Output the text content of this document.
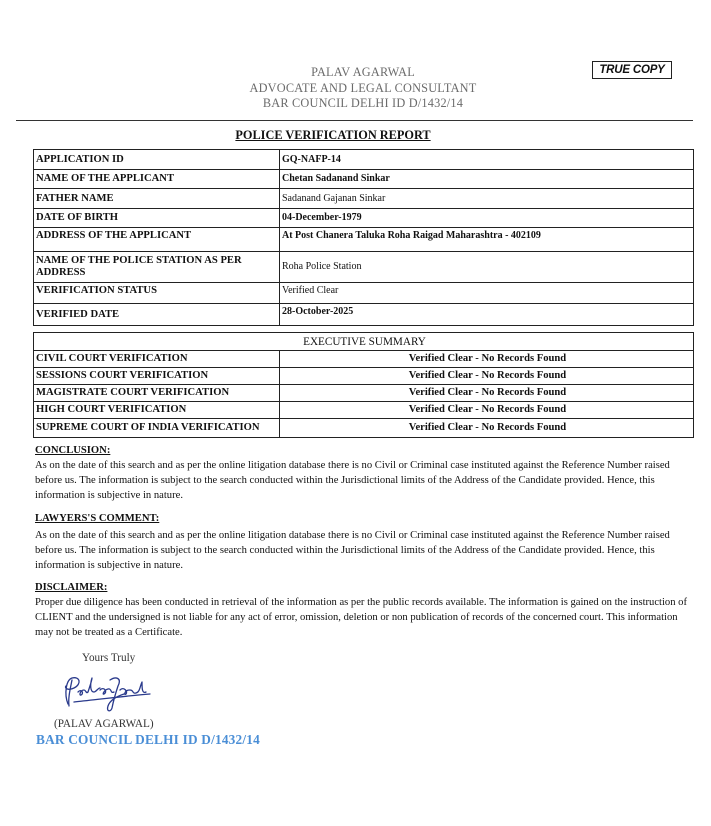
TRUE COPY
PALAV AGARWAL
ADVOCATE AND LEGAL CONSULTANT
BAR COUNCIL DELHI ID D/1432/14
POLICE VERIFICATION REPORT
APPLICATION ID	GQ-NAFP-14
NAME OF THE APPLICANT	Chetan Sadanand Sinkar
FATHER NAME	Sadanand Gajanan Sinkar
DATE OF BIRTH	04-December-1979
ADDRESS OF THE APPLICANT	At Post Chanera Taluka Roha Raigad Maharashtra - 402109
NAME OF THE POLICE STATION AS PER ADDRESS	Roha Police Station
VERIFICATION STATUS	Verified Clear
VERIFIED DATE	28-October-2025
EXECUTIVE SUMMARY	
CIVIL COURT VERIFICATION	Verified Clear - No Records Found
SESSIONS COURT VERIFICATION	Verified Clear - No Records Found
MAGISTRATE COURT VERIFICATION	Verified Clear - No Records Found
HIGH COURT VERIFICATION	Verified Clear - No Records Found
SUPREME COURT OF INDIA VERIFICATION	Verified Clear - No Records Found
CONCLUSION:

As on the date of this search and as per the online litigation database there is no Civil or Criminal case instituted against the Reference Number raised before us. The information is subject to the search conducted within the Jurisdictional limits of the Address of the Candidate provided. Hence, this information is subjective in nature.

LAWYERS'S COMMENT:

As on the date of this search and as per the online litigation database there is no Civil or Criminal case instituted against the Reference Number raised before us. The information is subject to the search conducted within the Jurisdictional limits of the Address of the Candidate provided. Hence, this information is subjective in nature.

DISCLAIMER:

Proper due diligence has been conducted in retrieval of the information as per the public records available. The information is gained on the instruction of CLIENT and the undersigned is not liable for any act of error, omission, deletion or non publication of records of the concerned court. This information may not be treated as a Certificate.

Yours Truly
(PALAV AGARWAL)
BAR COUNCIL DELHI ID D/1432/14
